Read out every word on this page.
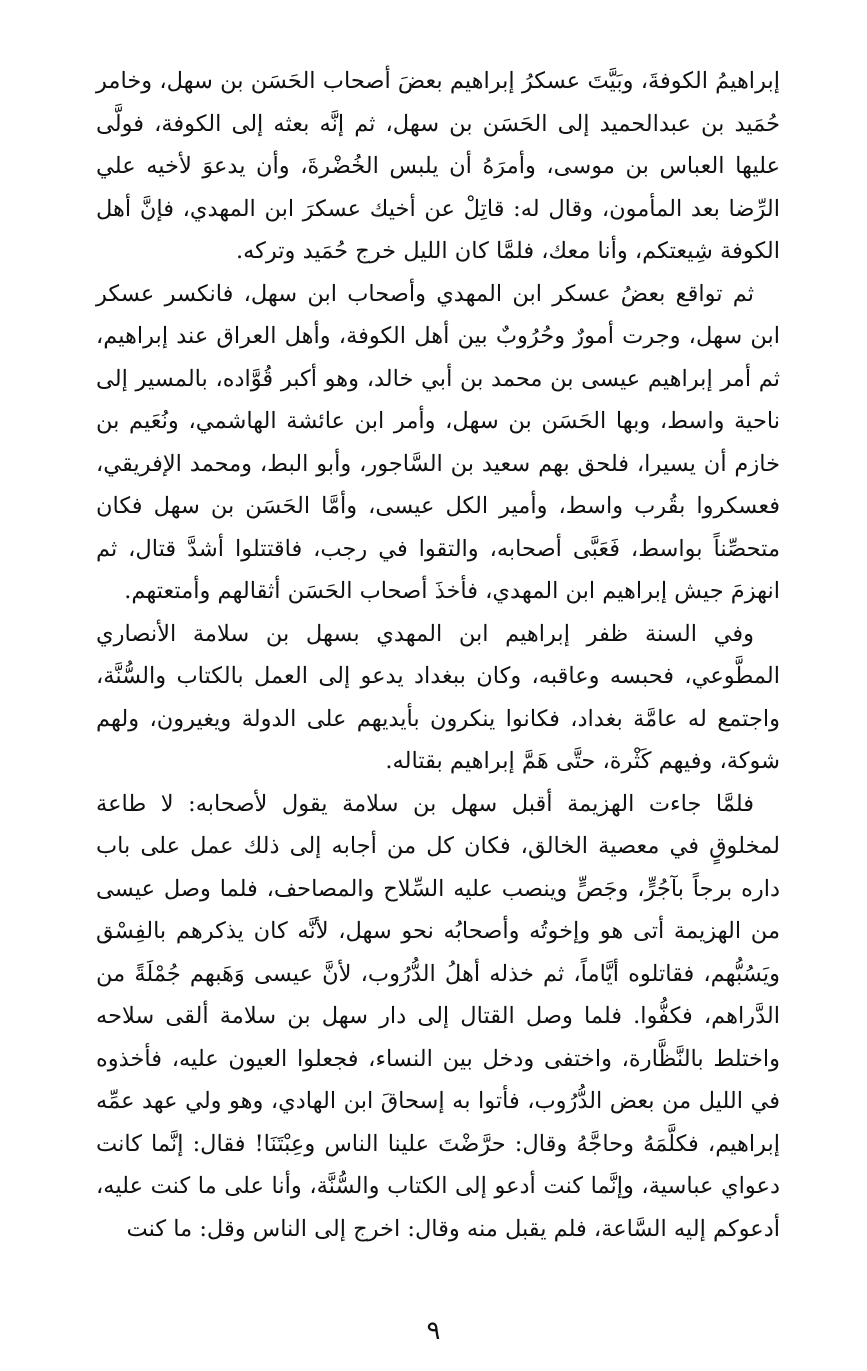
إبراهيمُ الكوفةَ، وبَيَّتَ عسكرُ إبراهيم بعضَ أصحاب الحَسَن بن سهل، وخامر حُمَيد بن عبدالحميد إلى الحَسَن بن سهل، ثم إنَّه بعثه إلى الكوفة، فولَّى عليها العباس بن موسى، وأمرَهُ أن يلبس الخُضْرةَ، وأن يدعوَ لأخيه علي الرِّضا بعد المأمون، وقال له: قاتِلْ عن أخيك عسكرَ ابن المهدي، فإنَّ أهل الكوفة شِيعتكم، وأنا معك، فلمَّا كان الليل خرج حُمَيد وتركه.

ثم تواقع بعضُ عسكر ابن المهدي وأصحاب ابن سهل، فانكسر عسكر ابن سهل، وجرت أمورٌ وحُرُوبٌ بين أهل الكوفة، وأهل العراق عند إبراهيم، ثم أمر إبراهيم عيسى بن محمد بن أبي خالد، وهو أكبر قُوَّاده، بالمسير إلى ناحية واسط، وبها الحَسَن بن سهل، وأمر ابن عائشة الهاشمي، ونُعَيم بن خازم أن يسيرا، فلحق بهم سعيد بن السَّاجور، وأبو البط، ومحمد الإفريقي، فعسكروا بقُرب واسط، وأمير الكل عيسى، وأمَّا الحَسَن بن سهل فكان متحصِّناً بواسط، فَعَبَّى أصحابه، والتقوا في رجب، فاقتتلوا أشدَّ قتال، ثم انهزمَ جيش إبراهيم ابن المهدي، فأخذَ أصحاب الحَسَن أثقالهم وأمتعتهم.

وفي السنة ظفر إبراهيم ابن المهدي بسهل بن سلامة الأنصاري المطَّوعي، فحبسه وعاقبه، وكان ببغداد يدعو إلى العمل بالكتاب والسُّنَّة، واجتمع له عامَّة بغداد، فكانوا ينكرون بأيديهم على الدولة ويغيرون، ولهم شوكة، وفيهم كَثْرة، حتَّى هَمَّ إبراهيم بقتاله.

فلمَّا جاءت الهزيمة أقبل سهل بن سلامة يقول لأصحابه: لا طاعة لمخلوقٍ في معصية الخالق، فكان كل من أجابه إلى ذلك عمل على باب داره برجاً بآجُرٍّ، وجَصٍّ وينصب عليه السِّلاح والمصاحف، فلما وصل عيسى من الهزيمة أتى هو وإخوتُه وأصحابُه نحو سهل، لأنَّه كان يذكرهم بالفِسْق ويَسُبُّهم، فقاتلوه أيَّاماً، ثم خذله أهلُ الدُّرُوب، لأنَّ عيسى وَهَبهم جُمْلَةً من الدَّراهم، فكفُّوا. فلما وصل القتال إلى دار سهل بن سلامة ألقى سلاحه واختلط بالنَّظَّارة، واختفى ودخل بين النساء، فجعلوا العيون عليه، فأخذوه في الليل من بعض الدُّرُوب، فأتوا به إسحاقَ ابن الهادي، وهو ولي عهد عمِّه إبراهيم، فكلَّمَهُ وحاجَّهُ وقال: حرَّضْتَ علينا الناس وعِبْتَنَا! فقال: إنَّما كانت دعواي عباسية، وإنَّما كنت أدعو إلى الكتاب والسُّنَّة، وأنا على ما كنت عليه، أدعوكم إليه السَّاعة، فلم يقبل منه وقال: اخرج إلى الناس وقل: ما كنت

٩
